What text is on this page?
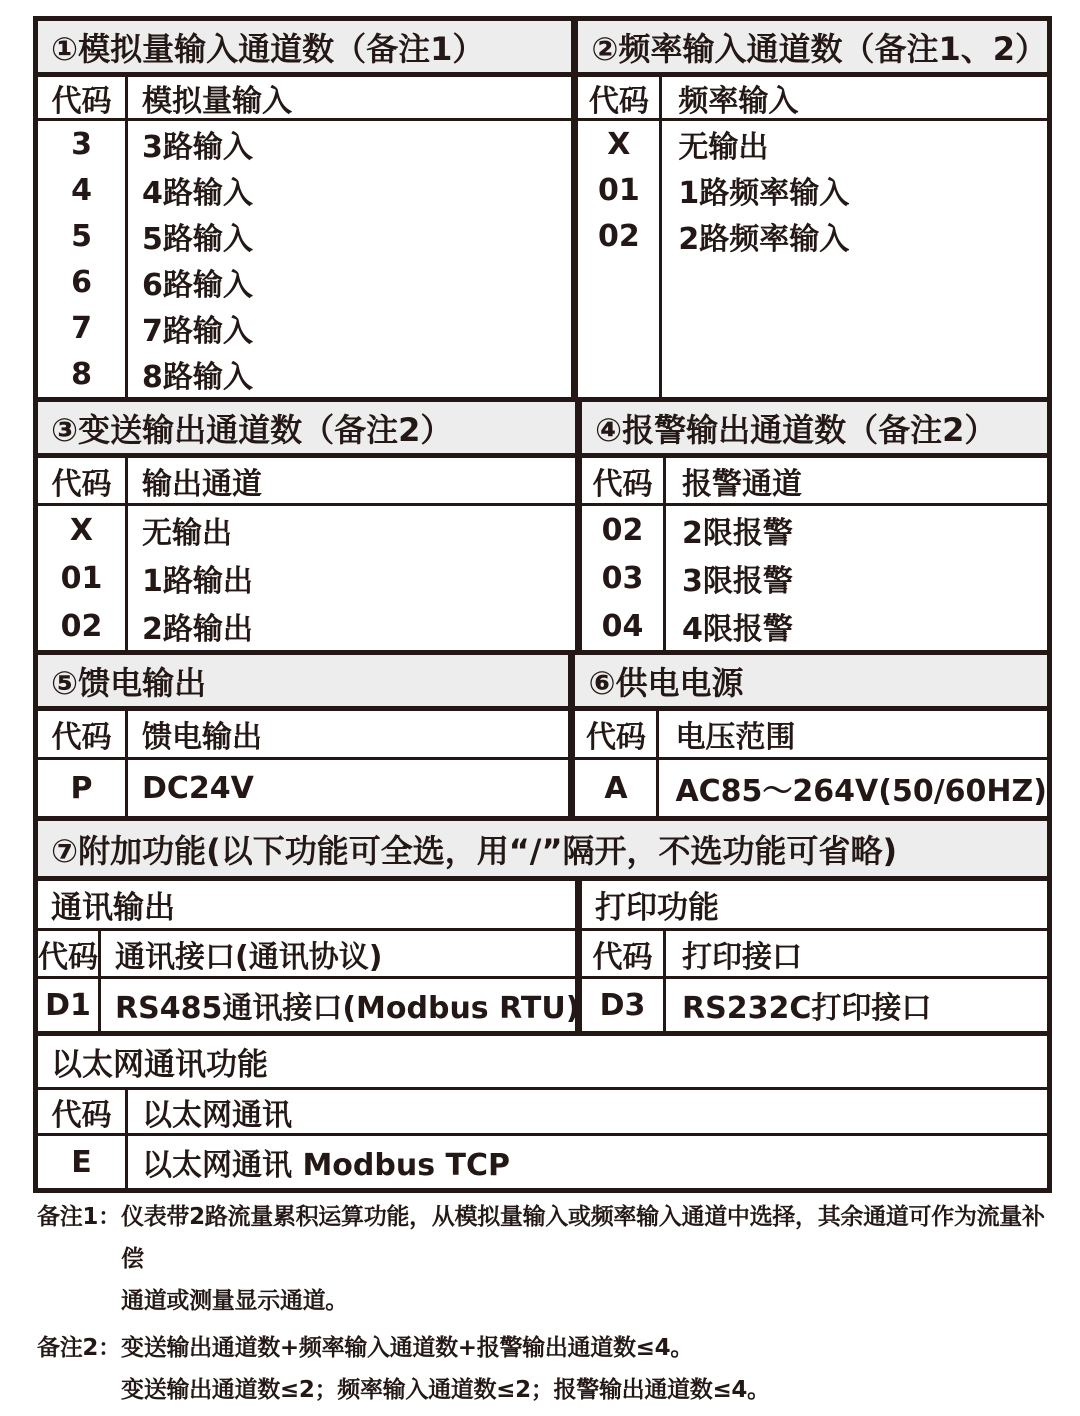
①模拟量输入通道数（备注1）
代码
3
4
5
6
7
8
模拟量输入
3路输入
4路输入
5路输入
6路输入
7路输入
8路输入
②频率输入通道数（备注1、2）
代码
X
01
02
频率输入
无输出
1路频率输入
2路频率输入
③变送输出通道数（备注2）
代码
X
01
02
输出通道
无输出
1路输出
2路输出
④报警输出通道数（备注2）
代码
02
03
04
报警通道
2限报警
3限报警
4限报警
⑤馈电输出
代码
P
馈电输出
DC24V
⑥供电电源
代码
A
电压范围
AC85～264V(50/60HZ)
⑦附加功能(以下功能可全选，用“/”隔开，不选功能可省略)
通讯输出
代码
D1
通讯接口(通讯协议)
RS485通讯接口(Modbus RTU)
打印功能
代码
D3
打印接口
RS232C打印接口
以太网通讯功能
代码
E
以太网通讯
以太网通讯 Modbus TCP
备注1： 仪表带2路流量累积运算功能，从模拟量输入或频率输入通道中选择，其余通道可作为流量补偿
通道或测量显示通道。
备注2： 变送输出通道数+频率输入通道数+报警输出通道数≤4。
变送输出通道数≤2；频率输入通道数≤2；报警输出通道数≤4。
